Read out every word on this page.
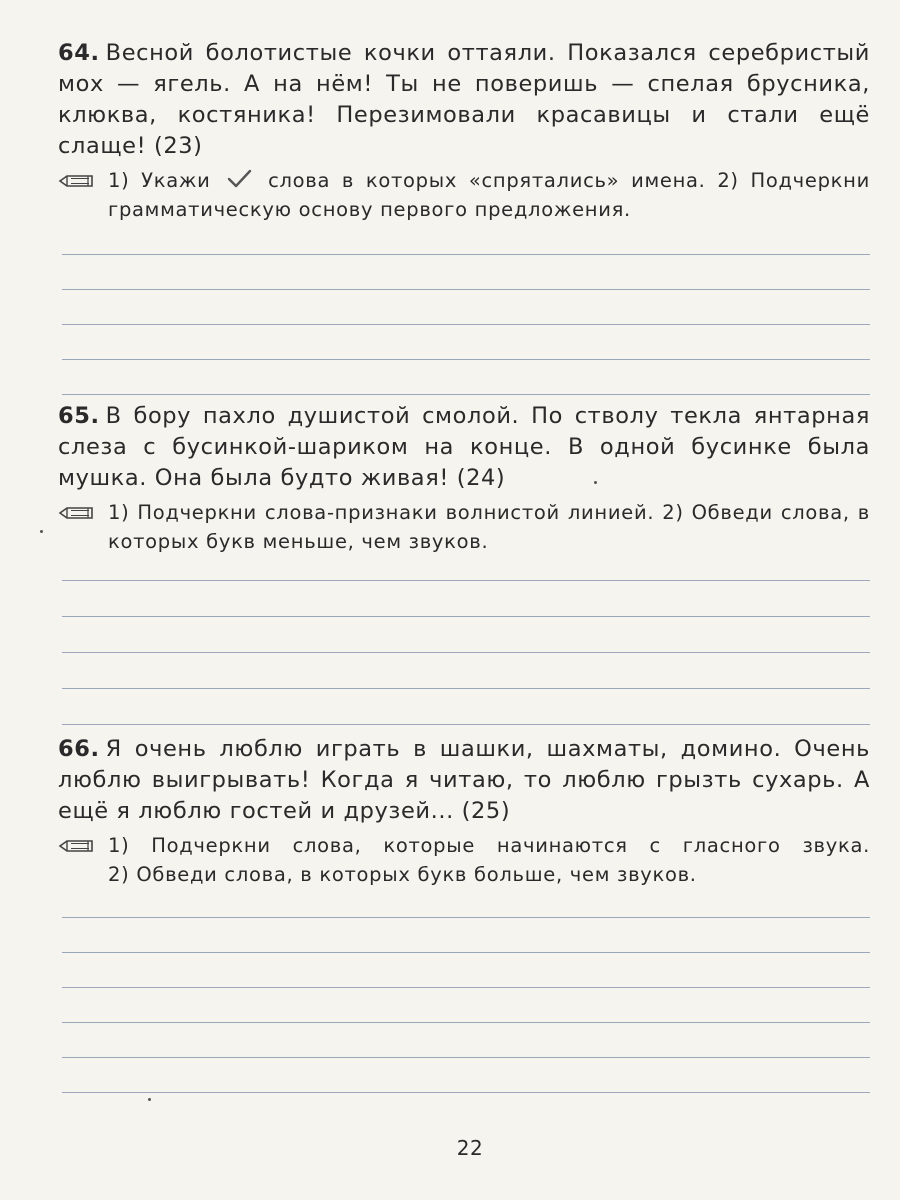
64. Весной болотистые кочки оттаяли. Показался серебристый мох — ягель. А на нём! Ты не поверишь — спелая брусника, клюква, костяника! Перезимовали красавицы и стали ещё слаще! (23)

1) Укажи	слова в которых «спрятались» имена. 2) Подчеркни грамматическую основу первого предложения.

65. В бору пахло душистой смолой. По стволу текла янтарная слеза с бусинкой-шариком на конце. В одной бусинке была мушка. Она была будто живая! (24)

1) Подчеркни слова-признаки волнистой линией. 2) Обведи слова, в которых букв меньше, чем звуков.

66. Я очень люблю играть в шашки, шахматы, домино. Очень люблю выигрывать! Когда я читаю, то люблю грызть сухарь. А ещё я люблю гостей и друзей... (25)

1) Подчеркни слова, которые начинаются с гласного звука.
2) Обведи слова, в которых букв больше, чем звуков.
22
